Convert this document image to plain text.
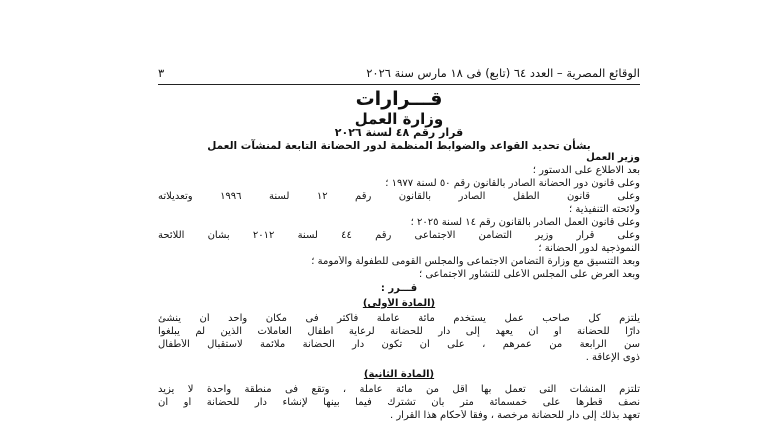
٣	الوقائع المصرية – العدد ٦٤ (تابع) فى ١٨ مارس سنة ٢٠٢٦
قـــرارات
وزارة العمل
قرار رقم ٤٨ لسنة ٢٠٢٦
بشأن تحديد القواعد والضوابط المنظمة لدور الحضانة التابعة لمنشآت العمل
وزير العمل
بعد الاطلاع على الدستور ؛
وعلى قانون دور الحضانة الصادر بالقانون رقم ٥٠ لسنة ١٩٧٧ ؛
وعلى قانون الطفل الصادر بالقانون رقم ١٢ لسنة ١٩٩٦ وتعديلاته
ولائحته التنفيذية ؛
وعلى قانون العمل الصادر بالقانون رقم ١٤ لسنة ٢٠٢٥ ؛
وعلى قرار وزير التضامن الاجتماعى رقم ٤٤ لسنة ٢٠١٢ بشأن اللائحة
النموذجية لدور الحضانة ؛
وبعد التنسيق مع وزارة التضامن الاجتماعى والمجلس القومى للطفولة والأمومة ؛
وبعد العرض على المجلس الأعلى للتشاور الاجتماعى ؛
قـــرر :
(المادة الأولى)
يلتزم كل صاحب عمل يستخدم مائة عاملة فأكثر فى مكان واحد أن ينشئ
دارًا للحضانة أو أن يعهد إلى دار للحضانة لرعاية أطفال العاملات الذين لم يبلغوا
سن الرابعة من عمرهم ، على أن تكون دار الحضانة ملائمة لاستقبال الأطفال
ذوى الإعاقة .
(المادة الثانية)
تلتزم المنشآت التى تعمل بها أقل من مائة عاملة ، وتقع فى منطقة واحدة لا يزيد
نصف قطرها على خمسمائة متر بأن تشترك فيما بينها لإنشاء دار للحضانة أو أن
تعهد بذلك إلى دار للحضانة مرخصة ، وفقا لأحكام هذا القرار .
